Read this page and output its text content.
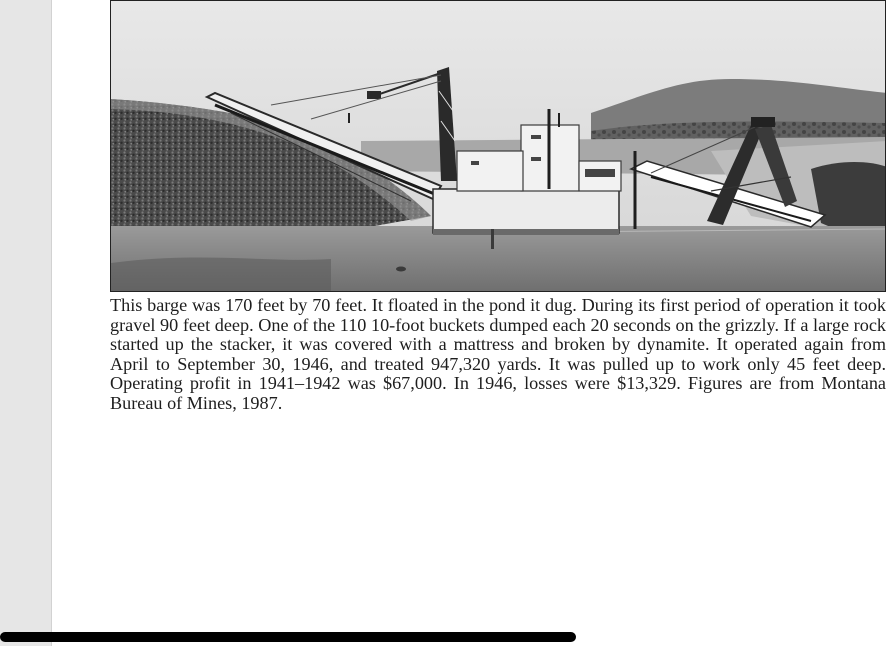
This barge was 170 feet by 70 feet. It floated in the pond it dug. During its first period of operation it took gravel 90 feet deep. One of the 110 10-foot buckets dumped each 20 seconds on the grizzly. If a large rock started up the stacker, it was covered with a mattress and broken by dynamite. It operated again from April to September 30, 1946, and treated 947,320 yards. It was pulled up to work only 45 feet deep. Operating profit in 1941–1942 was $67,000. In 1946, losses were $13,329. Figures are from Montana Bureau of Mines, 1987.
